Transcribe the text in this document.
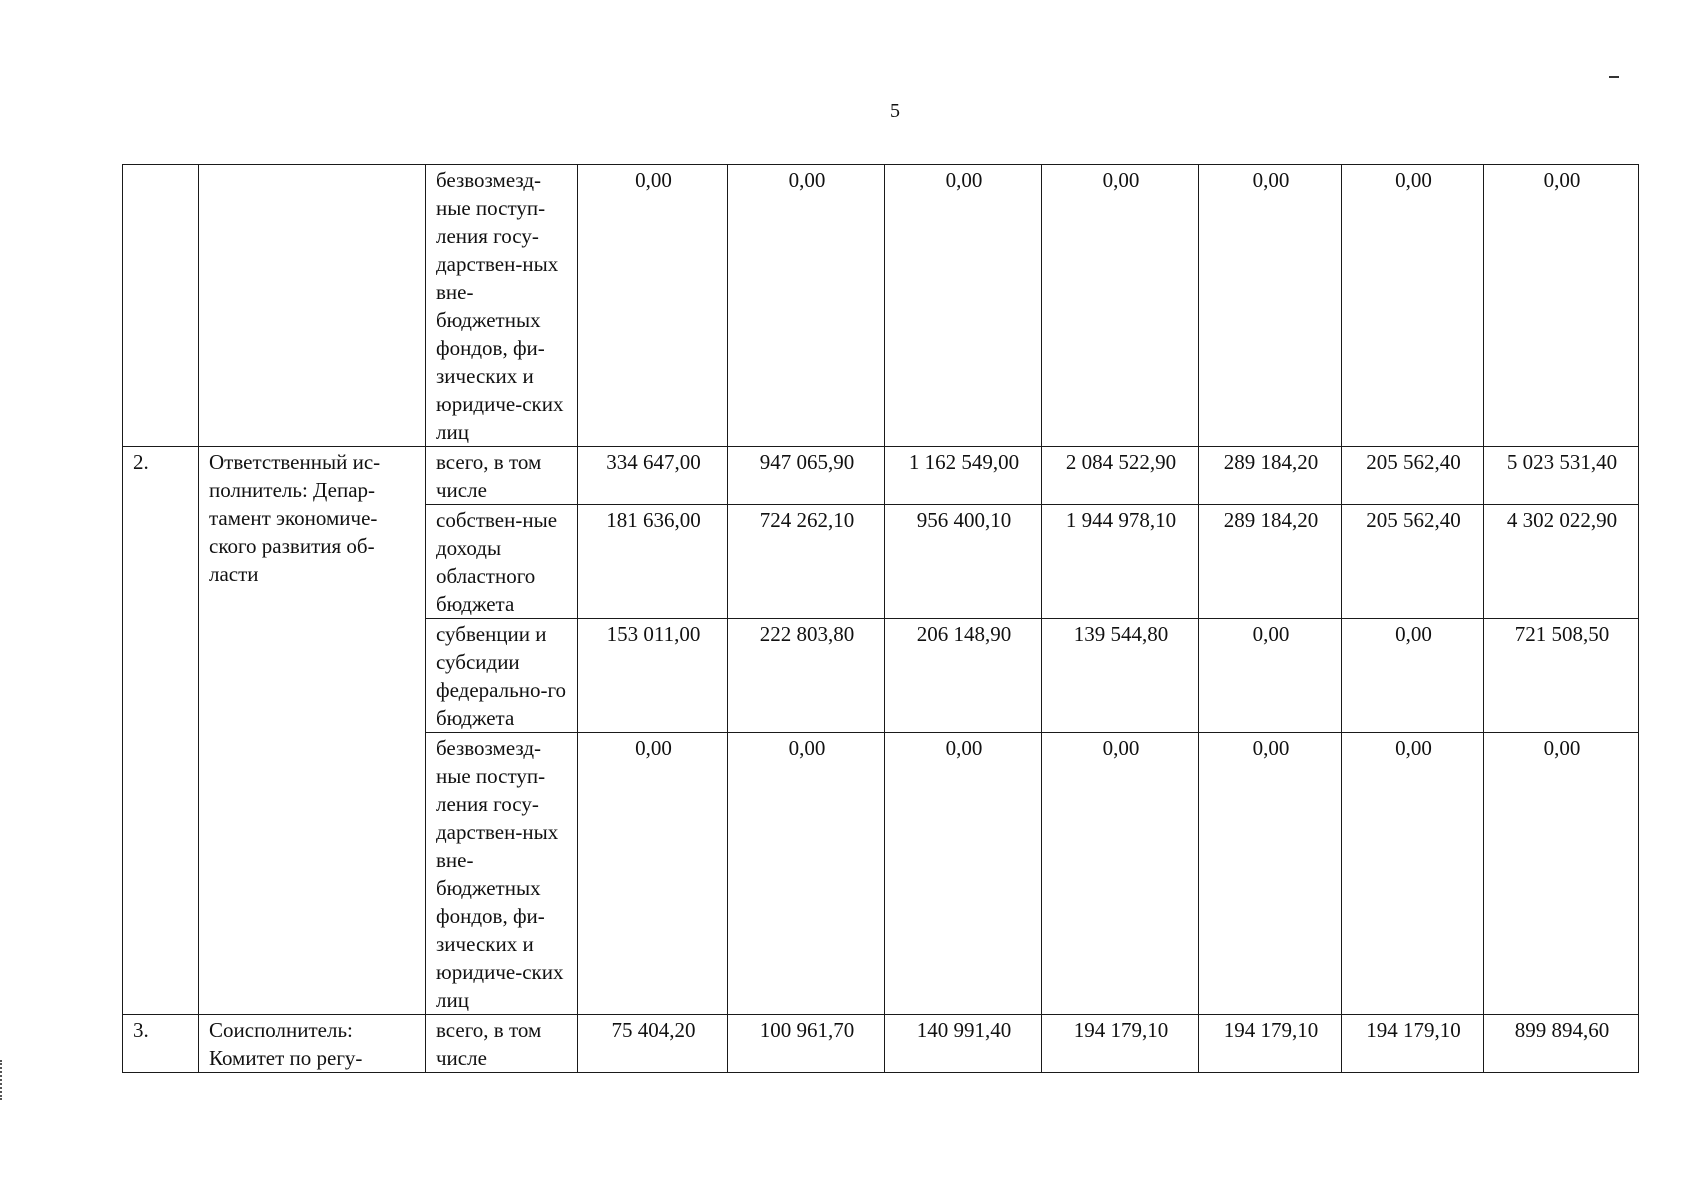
5

		безвозмезд-ные поступ-ления госу-дарствен-ных вне-бюджетных фондов, фи-зических и юридиче-ских лиц	0,00	0,00	0,00	0,00	0,00	0,00	0,00
2.	Ответственный ис-полнитель: Депар-тамент экономиче-ского развития об-ласти	всего, в том числе	334 647,00	947 065,90	1 162 549,00	2 084 522,90	289 184,20	205 562,40	5 023 531,40
		собствен-ные доходы областного бюджета	181 636,00	724 262,10	956 400,10	1 944 978,10	289 184,20	205 562,40	4 302 022,90
		субвенции и субсидии федерально-го бюджета	153 011,00	222 803,80	206 148,90	139 544,80	0,00	0,00	721 508,50

		безвозмезд-ные поступ-ления госу-дарствен-ных вне-бюджетных фондов, фи-зических и юридиче-ских лиц	0,00	0,00	0,00	0,00	0,00	0,00	0,00
3.	Соисполнитель: Комитет по регу-	всего, в том числе	75 404,20	100 961,70	140 991,40	194 179,10	194 179,10	194 179,10	899 894,60
